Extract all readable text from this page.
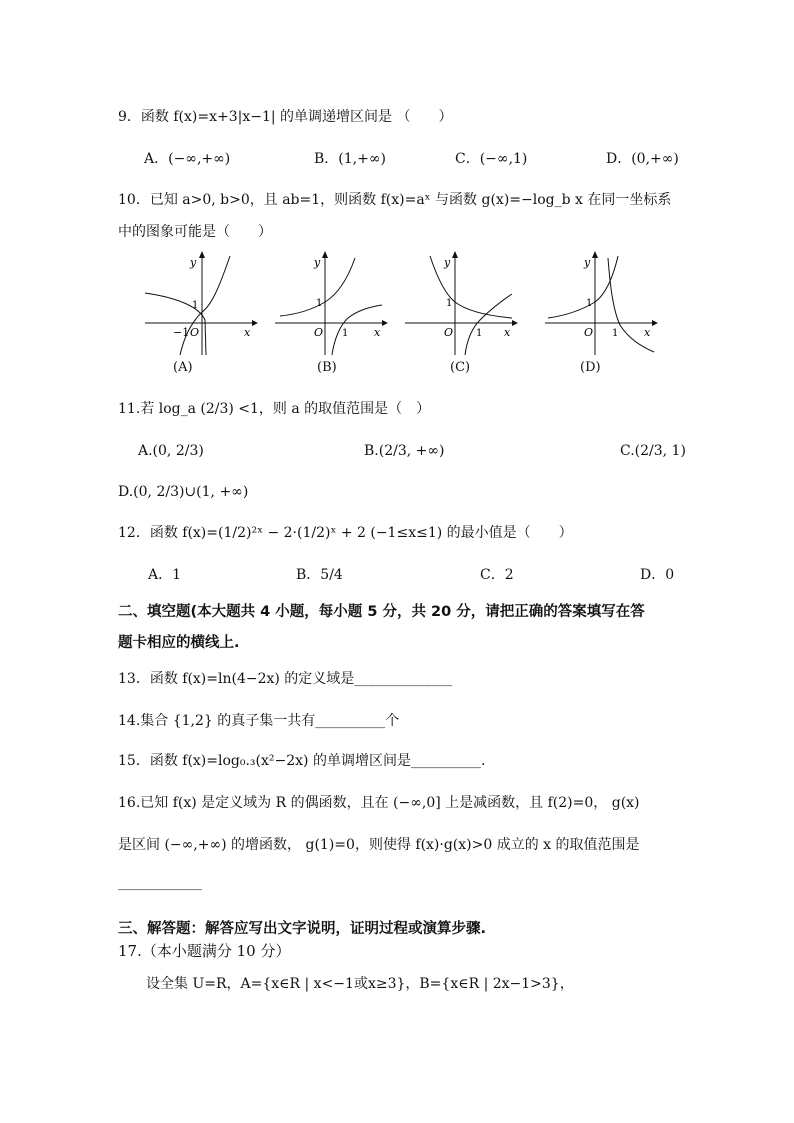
9．函数 f(x)=x+3|x−1| 的单调递增区间是 （　　）
A．(−∞,+∞)	B．(1,+∞)	C．(−∞,1)	D．(0,+∞)
10．已知 a>0, b>0，且 ab=1，则函数 f(x)=aˣ 与函数 g(x)=−log_b x 在同一坐标系
中的图象可能是（　　）
y
x
O
−1
1
(A)
y
x
O 1
1
(B)
y
x
O 1
1
(C)
y
x
O 1
1
(D)
11.若 log_a (2/3) <1，则 a 的取值范围是（　）
A.(0, 2/3)	B.(2/3, +∞)	C.(2/3, 1)
D.(0, 2/3)∪(1, +∞)
12．函数 f(x)=(1/2)²ˣ − 2·(1/2)ˣ + 2 (−1≤x≤1) 的最小值是（　　）
A．1	B．5/4	C．2	D．0
二、填空题(本大题共 4 小题，每小题 5 分，共 20 分，请把正确的答案填写在答
题卡相应的横线上.
13．函数 f(x)=ln(4−2x) 的定义域是______________
14.集合 {1,2} 的真子集一共有__________个
15．函数 f(x)=log₀.₃(x²−2x) 的单调增区间是__________.
16.已知 f(x) 是定义域为 R 的偶函数，且在 (−∞,0] 上是减函数，且 f(2)=0， g(x)
是区间 (−∞,+∞) 的增函数， g(1)=0，则使得 f(x)·g(x)>0 成立的 x 的取值范围是
____________
三、解答题：解答应写出文字说明，证明过程或演算步骤.
17.（本小题满分 10 分）
设全集 U=R，A={x∈R | x<−1或x≥3}，B={x∈R | 2x−1>3}，
